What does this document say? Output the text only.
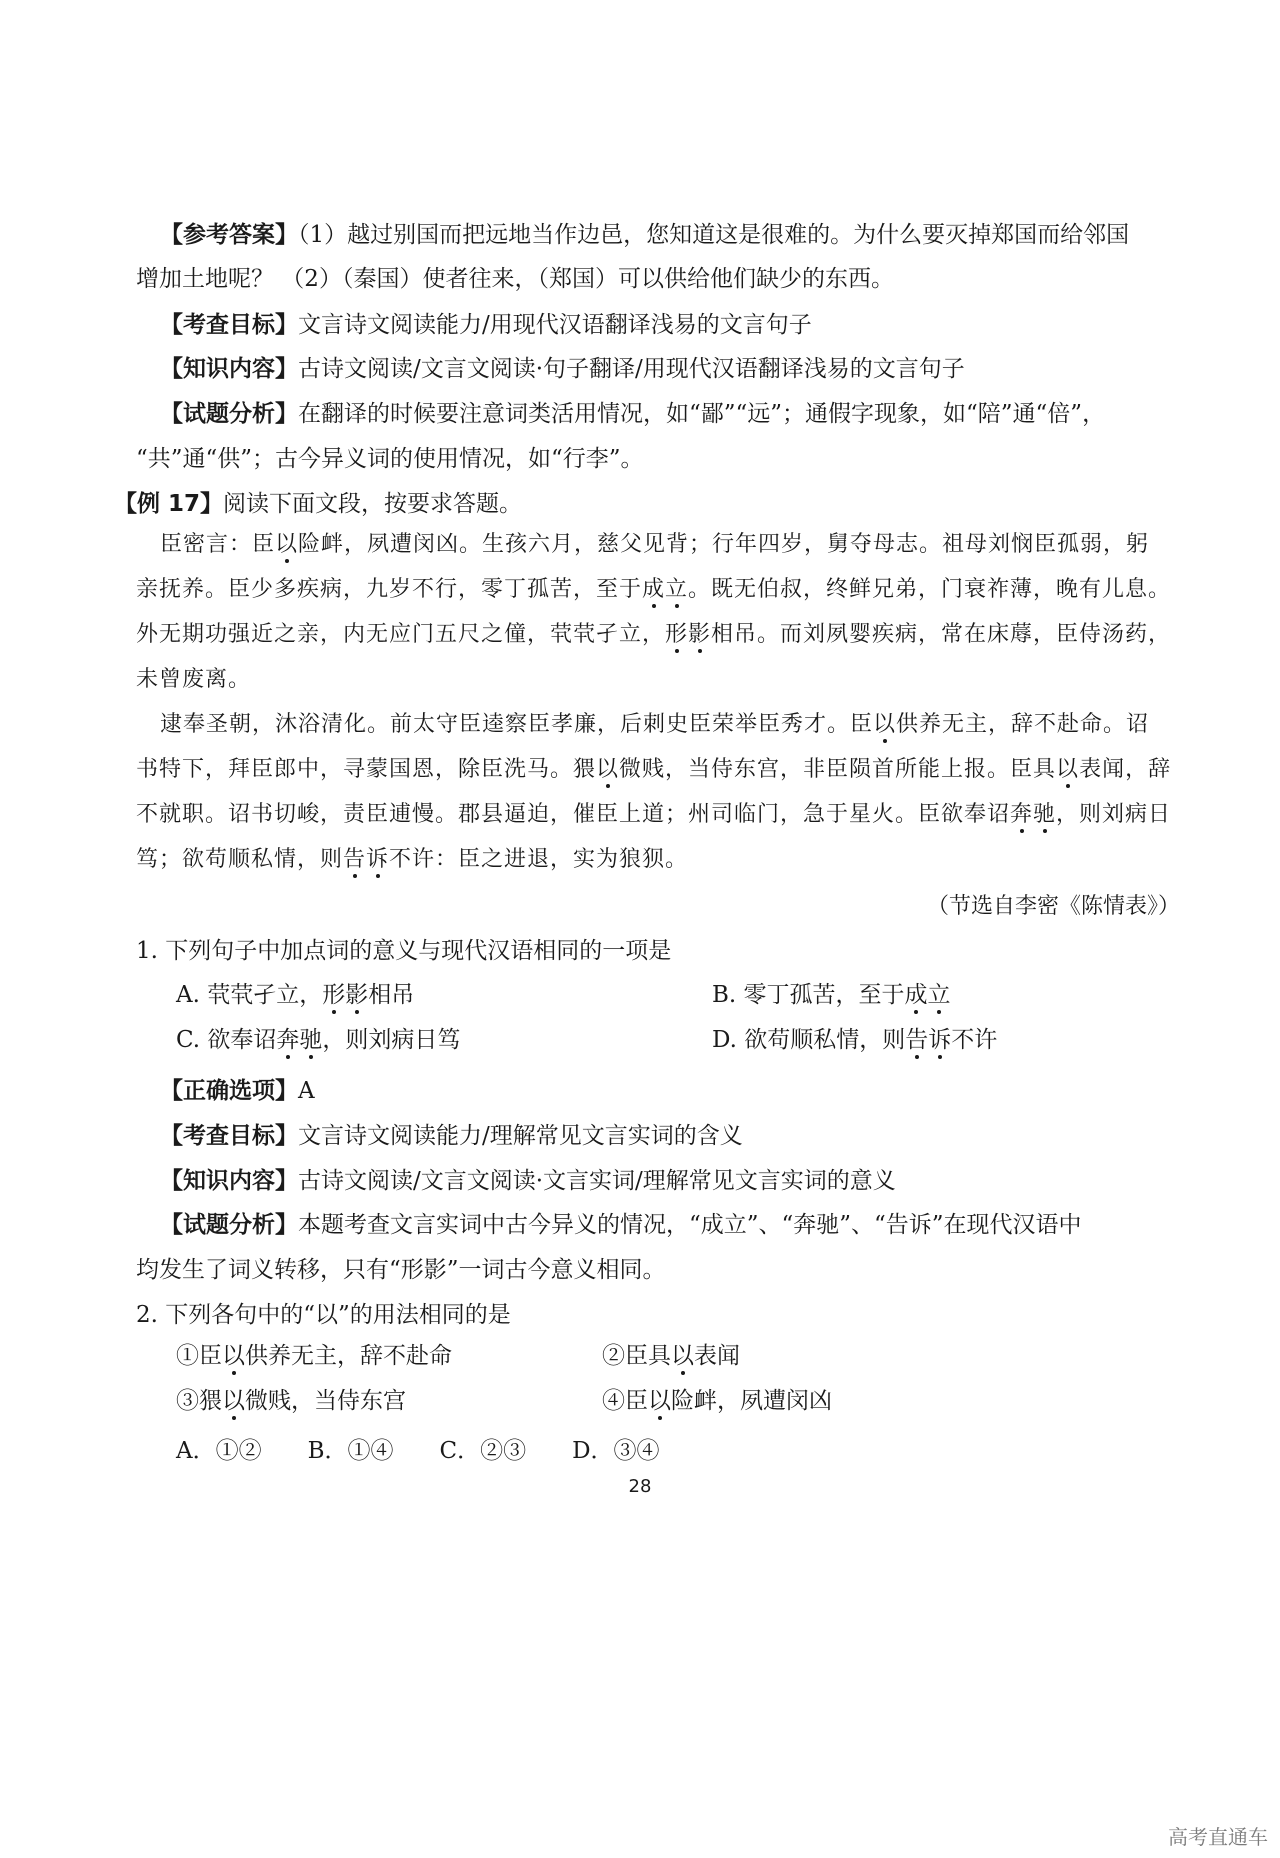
【参考答案】（1）越过别国而把远地当作边邑，您知道这是很难的。为什么要灭掉郑国而给邻国
增加土地呢？ （2）（秦国）使者往来，（郑国）可以供给他们缺少的东西。
【考查目标】文言诗文阅读能力/用现代汉语翻译浅易的文言句子
【知识内容】古诗文阅读/文言文阅读·句子翻译/用现代汉语翻译浅易的文言句子
【试题分析】在翻译的时候要注意词类活用情况，如“鄙”“远”；通假字现象，如“陪”通“倍”，
“共”通“供”；古今异义词的使用情况，如“行李”。
【例 17】阅读下面文段，按要求答题。
臣密言：臣以险衅，夙遭闵凶。生孩六月，慈父见背；行年四岁，舅夺母志。祖母刘悯臣孤弱，躬
亲抚养。臣少多疾病，九岁不行，零丁孤苦，至于成立。既无伯叔，终鲜兄弟，门衰祚薄，晚有儿息。
外无期功强近之亲，内无应门五尺之僮，茕茕孑立，形影相吊。而刘夙婴疾病，常在床蓐，臣侍汤药，
未曾废离。
逮奉圣朝，沐浴清化。前太守臣逵察臣孝廉，后刺史臣荣举臣秀才。臣以供养无主，辞不赴命。诏
书特下，拜臣郎中，寻蒙国恩，除臣洗马。猥以微贱，当侍东宫，非臣陨首所能上报。臣具以表闻，辞
不就职。诏书切峻，责臣逋慢。郡县逼迫，催臣上道；州司临门，急于星火。臣欲奉诏奔驰，则刘病日
笃；欲苟顺私情，则告诉不许：臣之进退，实为狼狈。
（节选自李密《陈情表》）
1. 下列句子中加点词的意义与现代汉语相同的一项是
A. 茕茕孑立，形影相吊	B. 零丁孤苦，至于成立
C. 欲奉诏奔驰，则刘病日笃	D. 欲苟顺私情，则告诉不许
【正确选项】A
【考查目标】文言诗文阅读能力/理解常见文言实词的含义
【知识内容】古诗文阅读/文言文阅读·文言实词/理解常见文言实词的意义
【试题分析】本题考查文言实词中古今异义的情况，“成立”、“奔驰”、“告诉”在现代汉语中
均发生了词义转移，只有“形影”一词古今意义相同。
2. 下列各句中的“以”的用法相同的是
①臣以供养无主，辞不赴命	②臣具以表闻
③猥以微贱，当侍东宫	④臣以险衅，夙遭闵凶
A．①②　　B．①④　　C．②③　　D．③④
28
高考直通车
